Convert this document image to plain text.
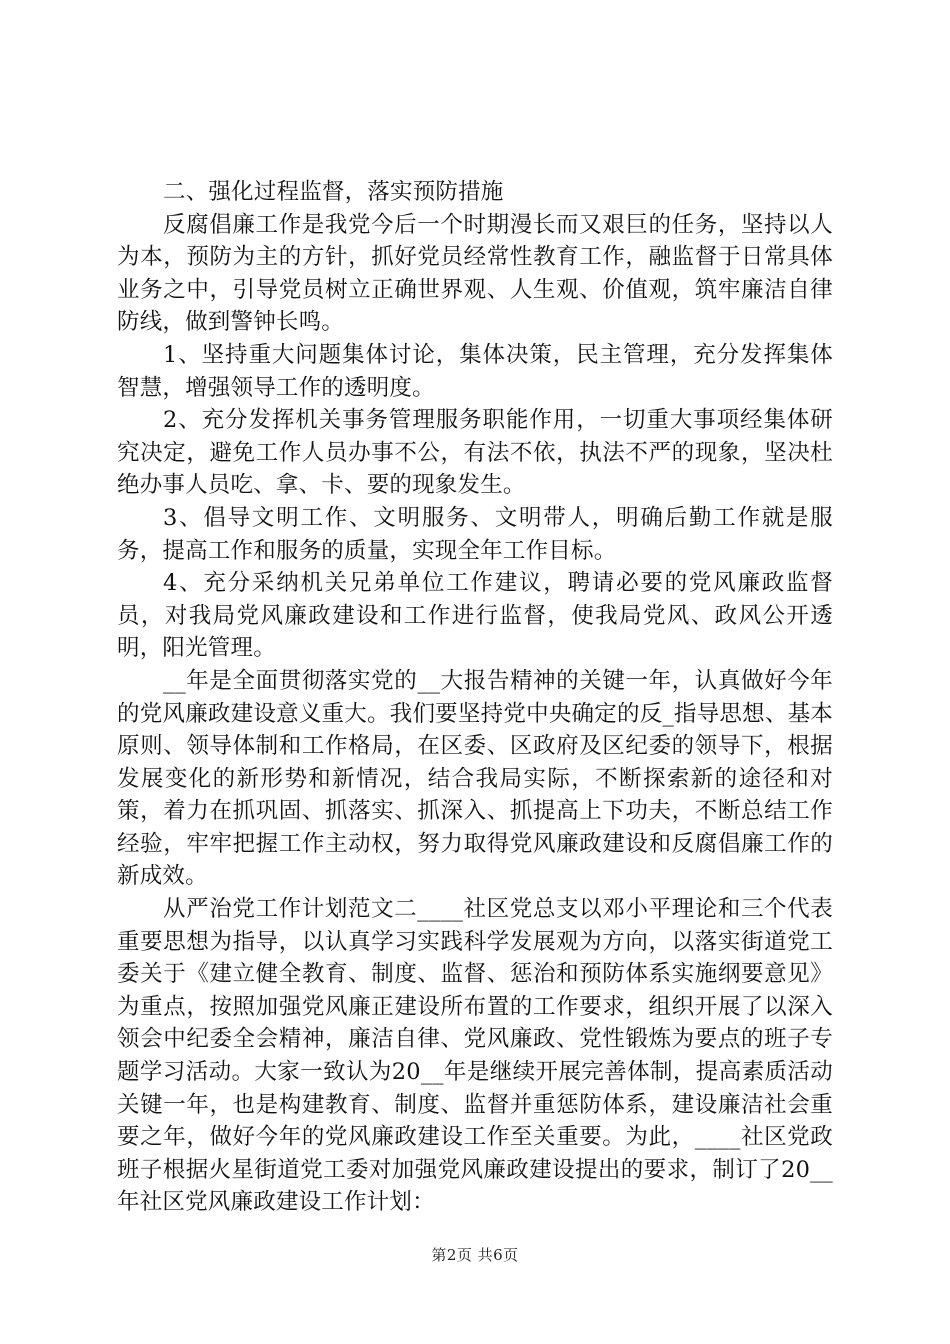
二、强化过程监督，落实预防措施

反腐倡廉工作是我党今后一个时期漫长而又艰巨的任务，坚持以人为本，预防为主的方针，抓好党员经常性教育工作，融监督于日常具体业务之中，引导党员树立正确世界观、人生观、价值观，筑牢廉洁自律防线，做到警钟长鸣。

1、坚持重大问题集体讨论，集体决策，民主管理，充分发挥集体智慧，增强领导工作的透明度。

2、充分发挥机关事务管理服务职能作用，一切重大事项经集体研究决定，避免工作人员办事不公，有法不依，执法不严的现象，坚决杜绝办事人员吃、拿、卡、要的现象发生。

3、倡导文明工作、文明服务、文明带人，明确后勤工作就是服务，提高工作和服务的质量，实现全年工作目标。

4、充分采纳机关兄弟单位工作建议，聘请必要的党风廉政监督员，对我局党风廉政建设和工作进行监督，使我局党风、政风公开透明，阳光管理。

__年是全面贯彻落实党的__大报告精神的关键一年，认真做好今年的党风廉政建设意义重大。我们要坚持党中央确定的反_指导思想、基本原则、领导体制和工作格局，在区委、区政府及区纪委的领导下，根据发展变化的新形势和新情况，结合我局实际，不断探索新的途径和对策，着力在抓巩固、抓落实、抓深入、抓提高上下功夫，不断总结工作经验，牢牢把握工作主动权，努力取得党风廉政建设和反腐倡廉工作的新成效。

从严治党工作计划范文二____社区党总支以邓小平理论和三个代表重要思想为指导，以认真学习实践科学发展观为方向，以落实街道党工委关于《建立健全教育、制度、监督、惩治和预防体系实施纲要意见》为重点，按照加强党风廉正建设所布置的工作要求，组织开展了以深入领会中纪委全会精神，廉洁自律、党风廉政、党性锻炼为要点的班子专题学习活动。大家一致认为20__年是继续开展完善体制，提高素质活动关键一年，也是构建教育、制度、监督并重惩防体系，建设廉洁社会重要之年，做好今年的党风廉政建设工作至关重要。为此，____社区党政班子根据火星街道党工委对加强党风廉政建设提出的要求，制订了20__年社区党风廉政建设工作计划：

第2页 共6页
